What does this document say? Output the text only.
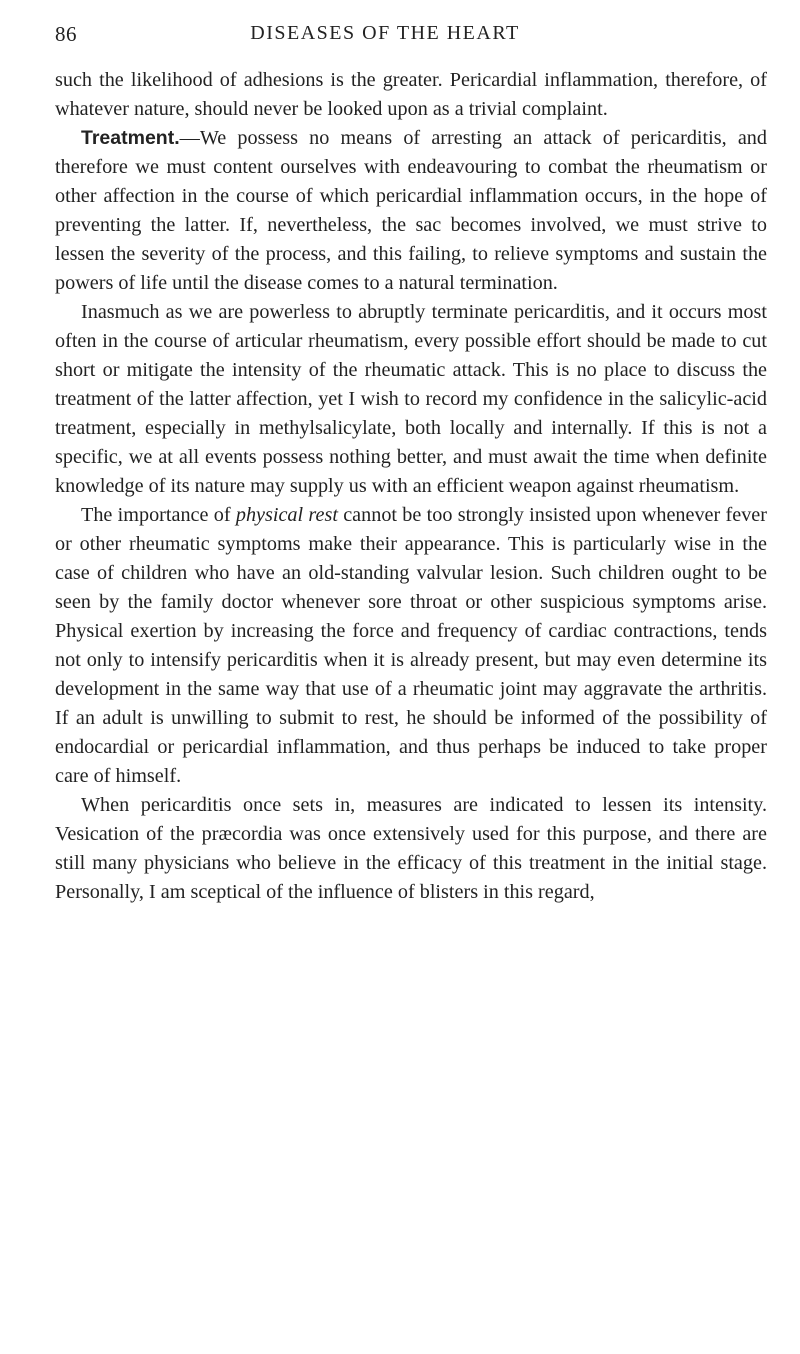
86	DISEASES OF THE HEART

such the likelihood of adhesions is the greater. Pericardial inflammation, therefore, of whatever nature, should never be looked upon as a trivial complaint.

Treatment.—We possess no means of arresting an attack of pericarditis, and therefore we must content ourselves with endeavouring to combat the rheumatism or other affection in the course of which pericardial inflammation occurs, in the hope of preventing the latter. If, nevertheless, the sac becomes involved, we must strive to lessen the severity of the process, and this failing, to relieve symptoms and sustain the powers of life until the disease comes to a natural termination.

Inasmuch as we are powerless to abruptly terminate pericarditis, and it occurs most often in the course of articular rheumatism, every possible effort should be made to cut short or mitigate the intensity of the rheumatic attack. This is no place to discuss the treatment of the latter affection, yet I wish to record my confidence in the salicylic-acid treatment, especially in methylsalicylate, both locally and internally. If this is not a specific, we at all events possess nothing better, and must await the time when definite knowledge of its nature may supply us with an efficient weapon against rheumatism.

The importance of physical rest cannot be too strongly insisted upon whenever fever or other rheumatic symptoms make their appearance. This is particularly wise in the case of children who have an old-standing valvular lesion. Such children ought to be seen by the family doctor whenever sore throat or other suspicious symptoms arise. Physical exertion by increasing the force and frequency of cardiac contractions, tends not only to intensify pericarditis when it is already present, but may even determine its development in the same way that use of a rheumatic joint may aggravate the arthritis. If an adult is unwilling to submit to rest, he should be informed of the possibility of endocardial or pericardial inflammation, and thus perhaps be induced to take proper care of himself.

When pericarditis once sets in, measures are indicated to lessen its intensity. Vesication of the præcordia was once extensively used for this purpose, and there are still many physicians who believe in the efficacy of this treatment in the initial stage. Personally, I am sceptical of the influence of blisters in this regard,
